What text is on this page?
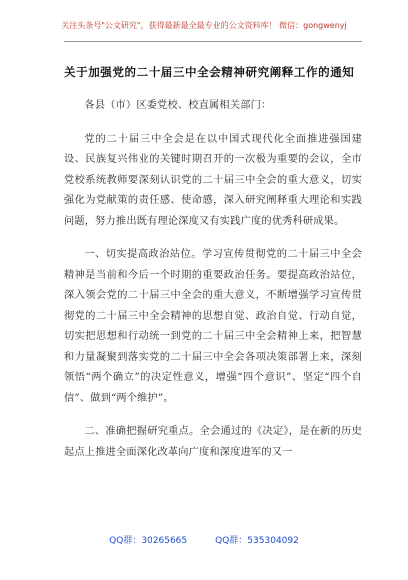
关注头条号"公文研究"，获得最新最全最专业的公文资料库！ 微信：gongwenyj
关于加强党的二十届三中全会精神研究阐释工作的通知

各县（市）区委党校、校直属相关部门：

党的二十届三中全会是在以中国式现代化全面推进强国建设、民族复兴伟业的关键时期召开的一次极为重要的会议，全市党校系统教师要深刻认识党的二十届三中全会的重大意义，切实强化为党献策的责任感、使命感，深入研究阐释重大理论和实践问题，努力推出既有理论深度又有实践广度的优秀科研成果。

一、切实提高政治站位。学习宣传贯彻党的二十届三中全会精神是当前和今后一个时期的重要政治任务。要提高政治站位，深入领会党的二十届三中全会的重大意义，不断增强学习宣传贯彻党的二十届三中全会精神的思想自觉、政治自觉、行动自觉，切实把思想和行动统一到党的二十届三中全会精神上来，把智慧和力量凝聚到落实党的二十届三中全会各项决策部署上来，深刻领悟“两个确立”的决定性意义，增强“四个意识”、坚定“四个自信”、做到“两个维护”。

二、准确把握研究重点。全会通过的《决定》，是在新的历史起点上推进全面深化改革向广度和深度进军的又一

QQ群：30265665	QQ群：535304092
